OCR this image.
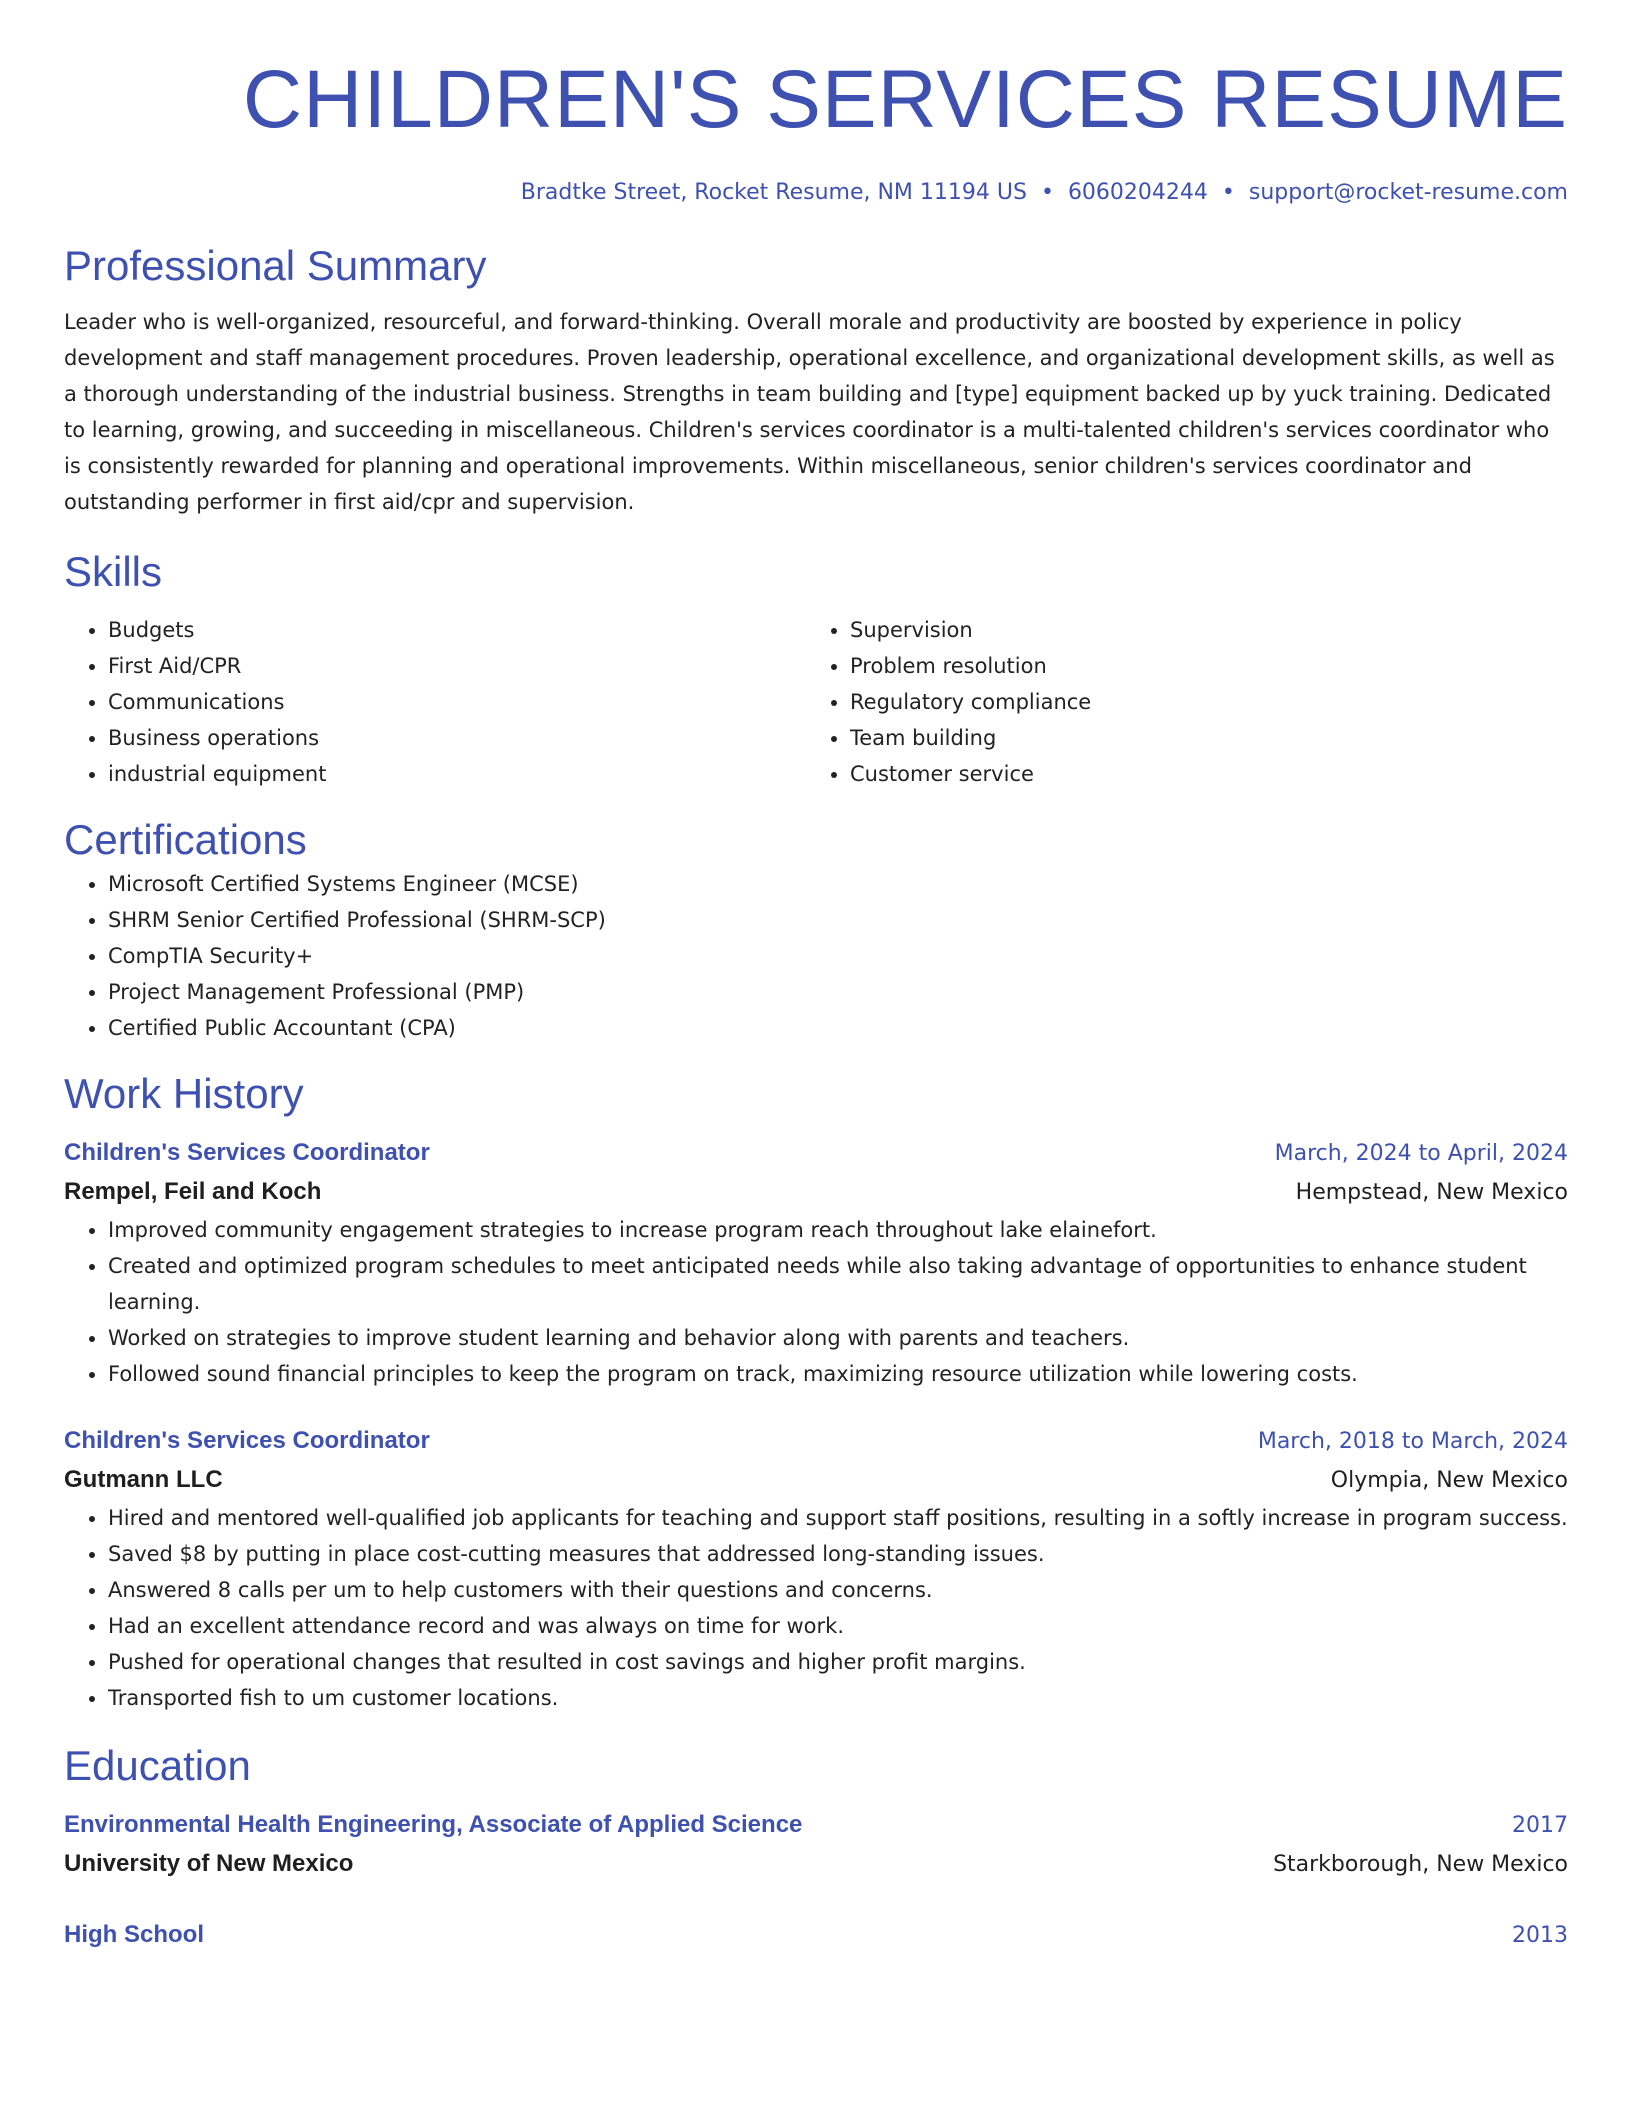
CHILDREN'S SERVICES RESUME
Bradtke Street, Rocket Resume, NM 11194 US • 6060204244 • support@rocket-resume.com
Professional Summary

Leader who is well-organized, resourceful, and forward-thinking. Overall morale and productivity are boosted by experience in policy development and staff management procedures. Proven leadership, operational excellence, and organizational development skills, as well as a thorough understanding of the industrial business. Strengths in team building and [type] equipment backed up by yuck training. Dedicated to learning, growing, and succeeding in miscellaneous. Children's services coordinator is a multi-talented children's services coordinator who is consistently rewarded for planning and operational improvements. Within miscellaneous, senior children's services coordinator and outstanding performer in first aid/cpr and supervision.

Skills
• Budgets
• First Aid/CPR
• Communications
• Business operations
• industrial equipment
• Supervision
• Problem resolution
• Regulatory compliance
• Team building
• Customer service
Certifications
• Microsoft Certified Systems Engineer (MCSE)
• SHRM Senior Certified Professional (SHRM-SCP)
• CompTIA Security+
• Project Management Professional (PMP)
• Certified Public Accountant (CPA)
Work History
Children's Services Coordinator	March, 2024 to April, 2024
Rempel, Feil and Koch	Hempstead, New Mexico
• Improved community engagement strategies to increase program reach throughout lake elainefort.
• Created and optimized program schedules to meet anticipated needs while also taking advantage of opportunities to enhance student learning.
• Worked on strategies to improve student learning and behavior along with parents and teachers.
• Followed sound financial principles to keep the program on track, maximizing resource utilization while lowering costs.
Children's Services Coordinator	March, 2018 to March, 2024
Gutmann LLC	Olympia, New Mexico
• Hired and mentored well-qualified job applicants for teaching and support staff positions, resulting in a softly increase in program success.
• Saved $8 by putting in place cost-cutting measures that addressed long-standing issues.
• Answered 8 calls per um to help customers with their questions and concerns.
• Had an excellent attendance record and was always on time for work.
• Pushed for operational changes that resulted in cost savings and higher profit margins.
• Transported fish to um customer locations.
Education
Environmental Health Engineering, Associate of Applied Science	2017
University of New Mexico	Starkborough, New Mexico
High School	2013
